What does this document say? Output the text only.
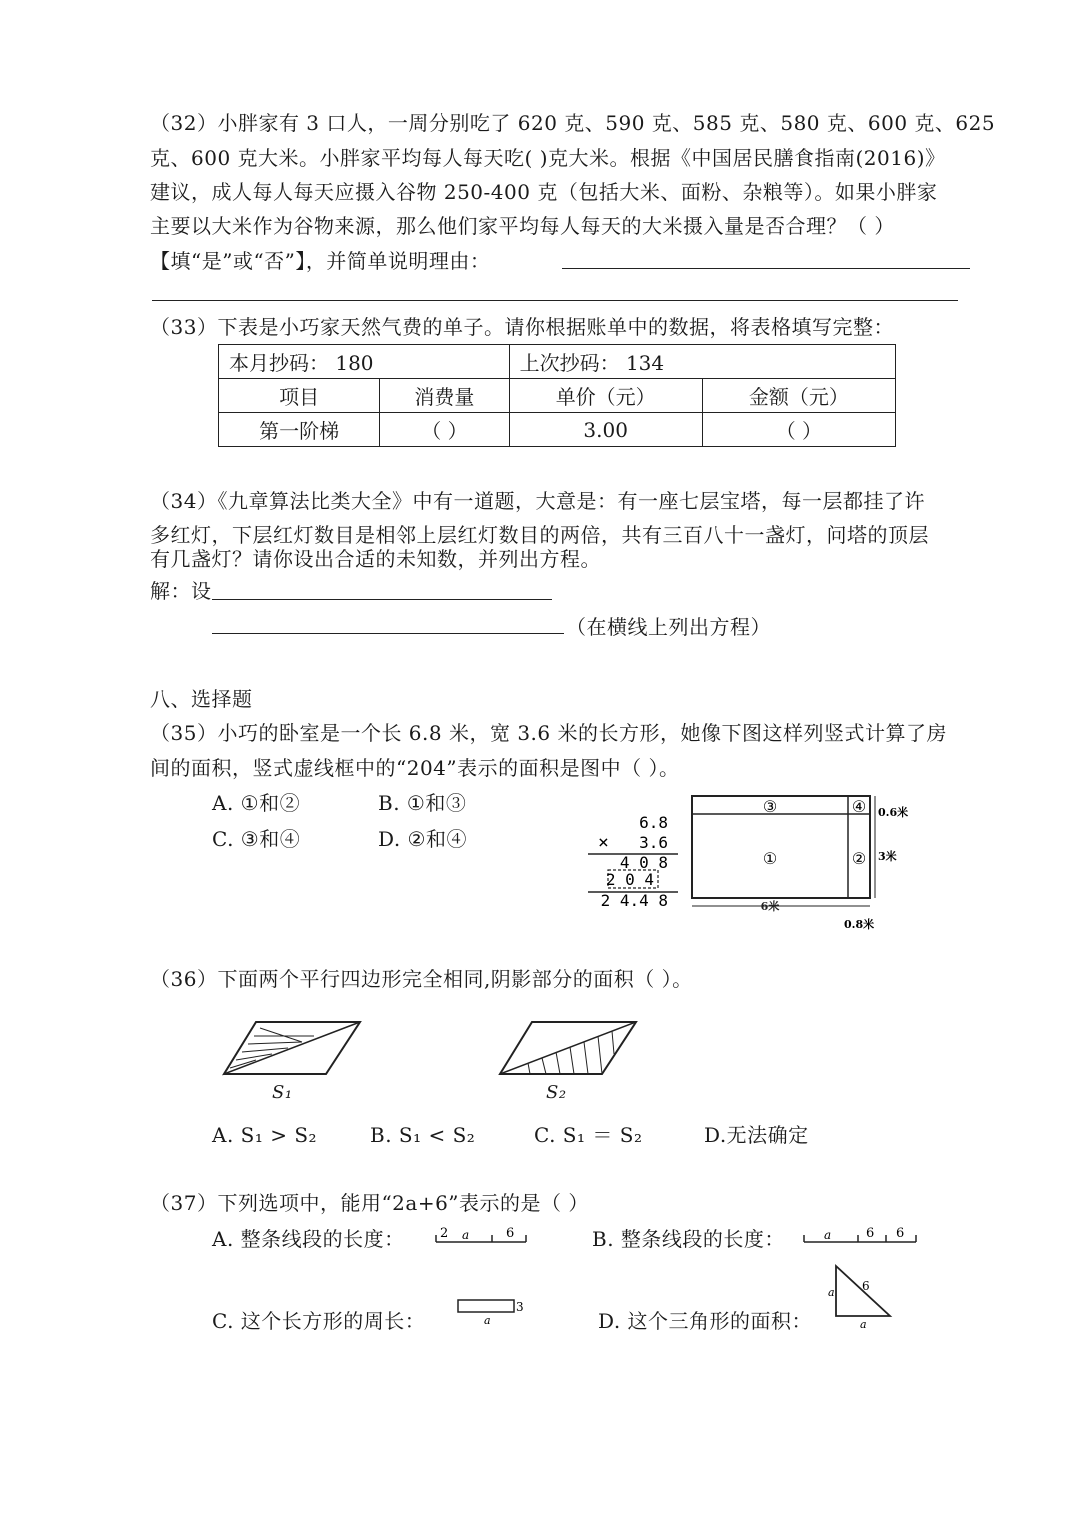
（32）小胖家有 3 口人，一周分别吃了 620 克、590 克、585 克、580 克、600 克、625
克、600 克大米。小胖家平均每人每天吃( )克大米。根据《中国居民膳食指南(2016)》
建议，成人每人每天应摄入谷物 250-400 克（包括大米、面粉、杂粮等）。如果小胖家
主要以大米作为谷物来源，那么他们家平均每人每天的大米摄入量是否合理？（ ）
【填“是”或“否”】，并简单说明理由：
（33）下表是小巧家天然气费的单子。请你根据账单中的数据，将表格填写完整：
本月抄码： 180		上次抄码： 134	
项目	消费量	单价（元）	金额（元）
第一阶梯	（ ）	3.00	（ ）
（34）《九章算法比类大全》中有一道题，大意是：有一座七层宝塔，每一层都挂了许
多红灯，下层红灯数目是相邻上层红灯数目的两倍，共有三百八十一盏灯，问塔的顶层
有几盏灯？请你设出合适的未知数，并列出方程。
解：设
（在横线上列出方程）
八、选择题
（35）小巧的卧室是一个长 6.8 米，宽 3.6 米的长方形，她像下图这样列竖式计算了房
间的面积，竖式虚线框中的“204”表示的面积是图中（ ）。
A. ①和②	B. ①和③
C. ③和④	D. ②和④
6.8
× 3.6
4 0 8
2 0 4
2 4.4 8
③	④
①	②
0.6米
3米
6米
0.8米
（36）下面两个平行四边形完全相同,阴影部分的面积（ ）。
S₁	S₂
A. S₁ > S₂	B. S₁ < S₂	C. S₁ ＝ S₂	D.无法确定
（37）下列选项中，能用“2a+6”表示的是（ ）
A. 整条线段的长度：	B. 整条线段的长度：
2 a	6	a	6 6
C. 这个长方形的周长：	D. 这个三角形的面积：
3
a
a 6
a
